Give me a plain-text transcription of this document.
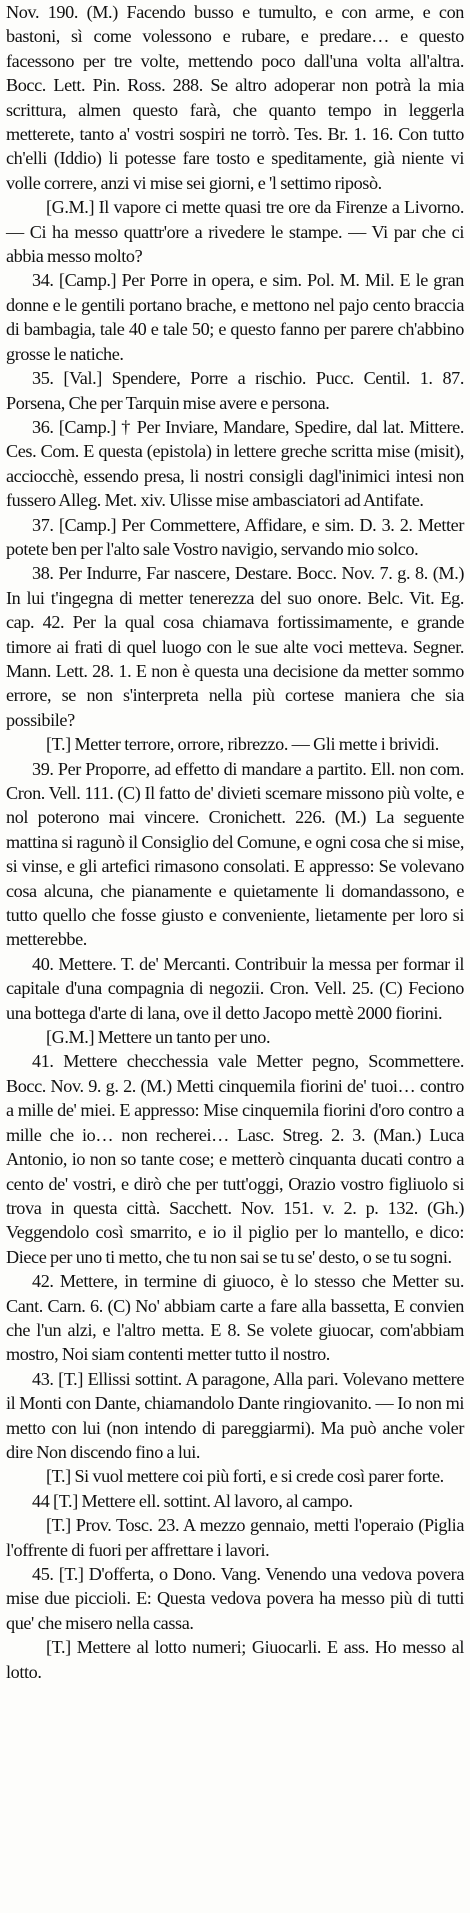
Nov. 190. (M.) Facendo busso e tumulto, e con arme, e con bastoni, sì come volessono e rubare, e predare… e questo facessono per tre volte, mettendo poco dall'una volta all'altra. Bocc. Lett. Pin. Ross. 288. Se altro adoperar non potrà la mia scrittura, almen questo farà, che quanto tempo in leggerla metterete, tanto a' vostri sospiri ne torrò. Tes. Br. 1. 16. Con tutto ch'elli (Iddio) li potesse fare tosto e speditamente, già niente vi volle correre, anzi vi mise sei giorni, e 'l settimo riposò.

[G.M.] Il vapore ci mette quasi tre ore da Firenze a Livorno. — Ci ha messo quattr'ore a rivedere le stampe. — Vi par che ci abbia messo molto?

34. [Camp.] Per Porre in opera, e sim. Pol. M. Mil. E le gran donne e le gentili portano brache, e mettono nel pajo cento braccia di bambagia, tale 40 e tale 50; e questo fanno per parere ch'abbino grosse le natiche.

35. [Val.] Spendere, Porre a rischio. Pucc. Centil. 1. 87. Porsena, Che per Tarquin mise avere e persona.

36. [Camp.] † Per Inviare, Mandare, Spedire, dal lat. Mittere. Ces. Com. E questa (epistola) in lettere greche scritta mise (misit), acciocchè, essendo presa, li nostri consigli dagl'inimici intesi non fussero Alleg. Met. xiv. Ulisse mise ambasciatori ad Antifate.

37. [Camp.] Per Commettere, Affidare, e sim. D. 3. 2. Metter potete ben per l'alto sale Vostro navigio, servando mio solco.

38. Per Indurre, Far nascere, Destare. Bocc. Nov. 7. g. 8. (M.) In lui t'ingegna di metter tenerezza del suo onore. Belc. Vit. Eg. cap. 42. Per la qual cosa chiamava fortissimamente, e grande timore ai frati di quel luogo con le sue alte voci metteva. Segner. Mann. Lett. 28. 1. E non è questa una decisione da metter sommo errore, se non s'interpreta nella più cortese maniera che sia possibile?

[T.] Metter terrore, orrore, ribrezzo. — Gli mette i brividi.

39. Per Proporre, ad effetto di mandare a partito. Ell. non com. Cron. Vell. 111. (C) Il fatto de' divieti scemare missono più volte, e nol poterono mai vincere. Cronichett. 226. (M.) La seguente mattina si ragunò il Consiglio del Comune, e ogni cosa che si mise, si vinse, e gli artefici rimasono consolati. E appresso: Se volevano cosa alcuna, che pianamente e quietamente li domandassono, e tutto quello che fosse giusto e conveniente, lietamente per loro si metterebbe.

40. Mettere. T. de' Mercanti. Contribuir la messa per formar il capitale d'una compagnia di negozii. Cron. Vell. 25. (C) Feciono una bottega d'arte di lana, ove il detto Jacopo mettè 2000 fiorini.

[G.M.] Mettere un tanto per uno.

41. Mettere checchessia vale Metter pegno, Scommettere. Bocc. Nov. 9. g. 2. (M.) Metti cinquemila fiorini de' tuoi… contro a mille de' miei. E appresso: Mise cinquemila fiorini d'oro contro a mille che io… non recherei… Lasc. Streg. 2. 3. (Man.) Luca Antonio, io non so tante cose; e metterò cinquanta ducati contro a cento de' vostri, e dirò che per tutt'oggi, Orazio vostro figliuolo si trova in questa città. Sacchett. Nov. 151. v. 2. p. 132. (Gh.) Veggendolo così smarrito, e io il piglio per lo mantello, e dico: Diece per uno ti metto, che tu non sai se tu se' desto, o se tu sogni.

42. Mettere, in termine di giuoco, è lo stesso che Metter su. Cant. Carn. 6. (C) No' abbiam carte a fare alla bassetta, E convien che l'un alzi, e l'altro metta. E 8. Se volete giuocar, com'abbiam mostro, Noi siam contenti metter tutto il nostro.

43. [T.] Ellissi sottint. A paragone, Alla pari. Volevano mettere il Monti con Dante, chiamandolo Dante ringiovanito. — Io non mi metto con lui (non intendo di pareggiarmi). Ma può anche voler dire Non discendo fino a lui.

[T.] Si vuol mettere coi più forti, e si crede così parer forte.

44 [T.] Mettere ell. sottint. Al lavoro, al campo.

[T.] Prov. Tosc. 23. A mezzo gennaio, metti l'operaio (Piglia l'offrente di fuori per affrettare i lavori.

45. [T.] D'offerta, o Dono. Vang. Venendo una vedova povera mise due piccioli. E: Questa vedova povera ha messo più di tutti que' che misero nella cassa.

[T.] Mettere al lotto numeri; Giuocarli. E ass. Ho messo al lotto.
